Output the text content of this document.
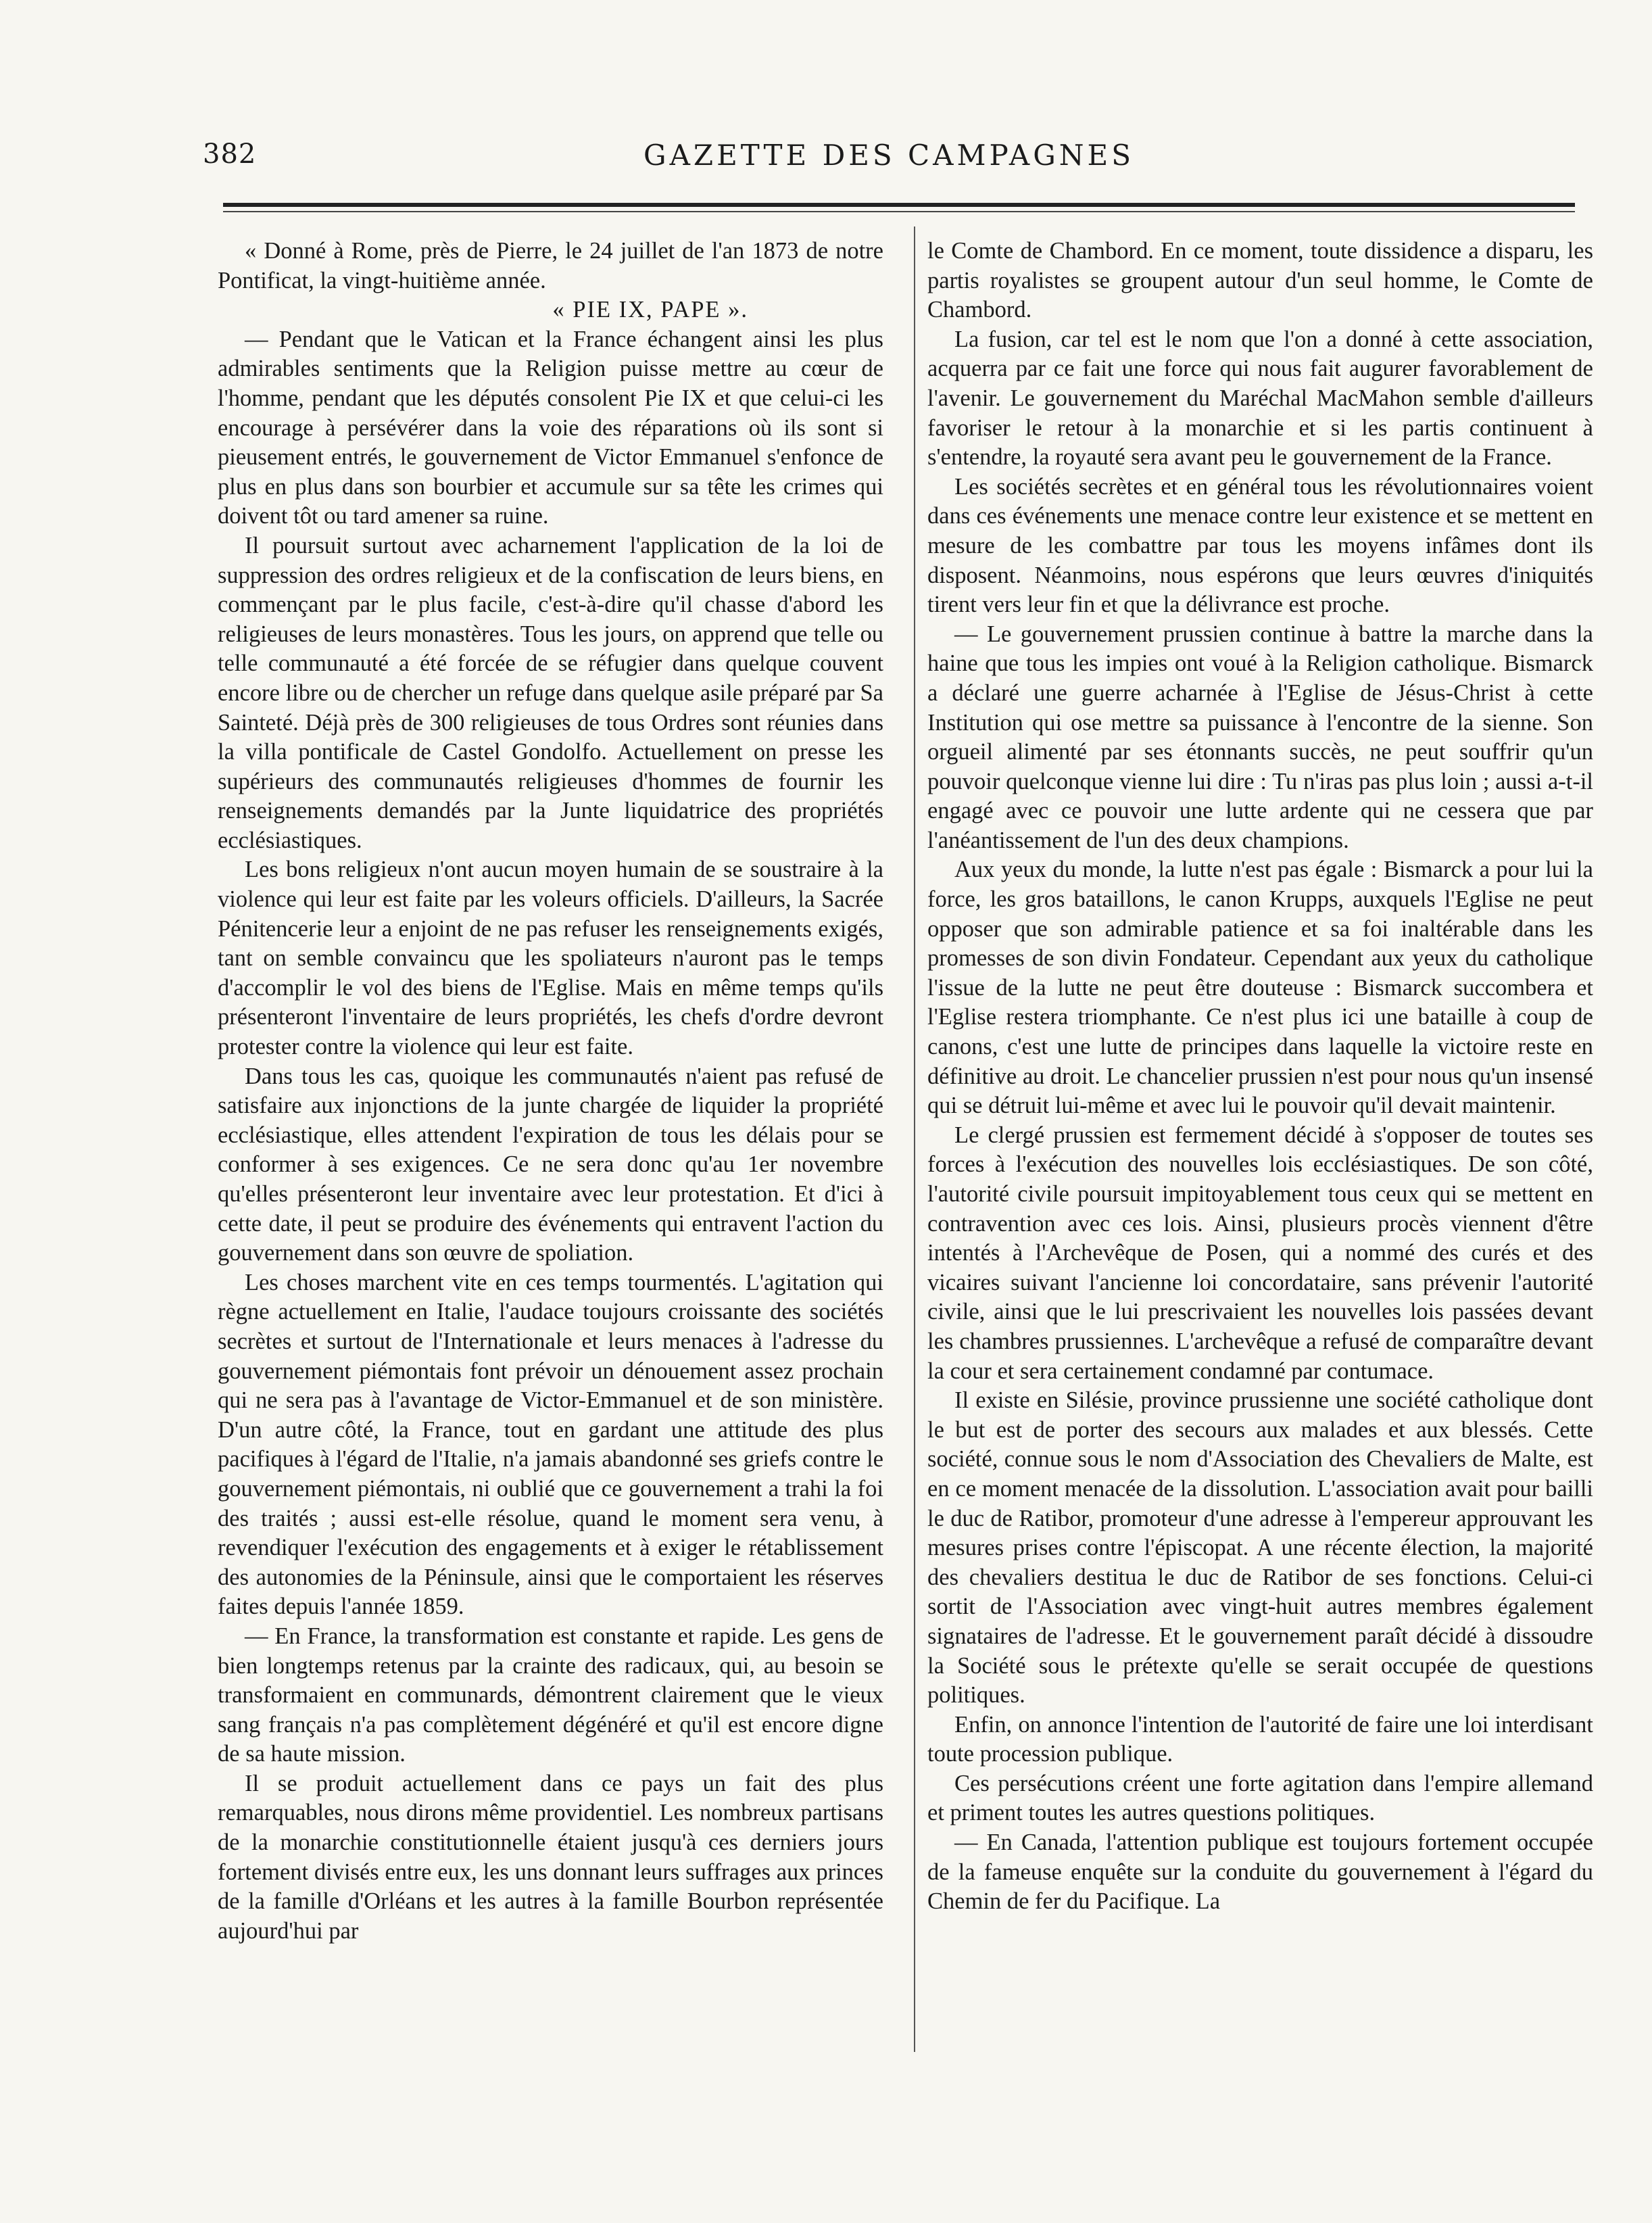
382	GAZETTE DES CAMPAGNES

« Donné à Rome, près de Pierre, le 24 juillet de l'an 1873 de notre Pontificat, la vingt-huitième année.

« PIE IX, PAPE ».

— Pendant que le Vatican et la France échangent ainsi les plus admirables sentiments que la Religion puisse mettre au cœur de l'homme, pendant que les députés consolent Pie IX et que celui-ci les encourage à persévérer dans la voie des réparations où ils sont si pieusement entrés, le gouvernement de Victor Emmanuel s'enfonce de plus en plus dans son bourbier et accumule sur sa tête les crimes qui doivent tôt ou tard amener sa ruine.

Il poursuit surtout avec acharnement l'application de la loi de suppression des ordres religieux et de la confiscation de leurs biens, en commençant par le plus facile, c'est-à-dire qu'il chasse d'abord les religieuses de leurs monastères. Tous les jours, on apprend que telle ou telle communauté a été forcée de se réfugier dans quelque couvent encore libre ou de chercher un refuge dans quelque asile préparé par Sa Sainteté. Déjà près de 300 religieuses de tous Ordres sont réunies dans la villa pontificale de Castel Gondolfo. Actuellement on presse les supérieurs des communautés religieuses d'hommes de fournir les renseignements demandés par la Junte liquidatrice des propriétés ecclésiastiques.

Les bons religieux n'ont aucun moyen humain de se soustraire à la violence qui leur est faite par les voleurs officiels. D'ailleurs, la Sacrée Pénitencerie leur a enjoint de ne pas refuser les renseignements exigés, tant on semble convaincu que les spoliateurs n'auront pas le temps d'accomplir le vol des biens de l'Eglise. Mais en même temps qu'ils présenteront l'inventaire de leurs propriétés, les chefs d'ordre devront protester contre la violence qui leur est faite.

Dans tous les cas, quoique les communautés n'aient pas refusé de satisfaire aux injonctions de la junte chargée de liquider la propriété ecclésiastique, elles attendent l'expiration de tous les délais pour se conformer à ses exigences. Ce ne sera donc qu'au 1er novembre qu'elles présenteront leur inventaire avec leur protestation. Et d'ici à cette date, il peut se produire des événements qui entravent l'action du gouvernement dans son œuvre de spoliation.

Les choses marchent vite en ces temps tourmentés. L'agitation qui règne actuellement en Italie, l'audace toujours croissante des sociétés secrètes et surtout de l'Internationale et leurs menaces à l'adresse du gouvernement piémontais font prévoir un dénouement assez prochain qui ne sera pas à l'avantage de Victor-Emmanuel et de son ministère. D'un autre côté, la France, tout en gardant une attitude des plus pacifiques à l'égard de l'Italie, n'a jamais abandonné ses griefs contre le gouvernement piémontais, ni oublié que ce gouvernement a trahi la foi des traités ; aussi est-elle résolue, quand le moment sera venu, à revendiquer l'exécution des engagements et à exiger le rétablissement des autonomies de la Péninsule, ainsi que le comportaient les réserves faites depuis l'année 1859.

— En France, la transformation est constante et rapide. Les gens de bien longtemps retenus par la crainte des radicaux, qui, au besoin se transformaient en communards, démontrent clairement que le vieux sang français n'a pas complètement dégénéré et qu'il est encore digne de sa haute mission.

Il se produit actuellement dans ce pays un fait des plus remarquables, nous dirons même providentiel. Les nombreux partisans de la monarchie constitutionnelle étaient jusqu'à ces derniers jours fortement divisés entre eux, les uns donnant leurs suffrages aux princes de la famille d'Orléans et les autres à la famille Bourbon représentée aujourd'hui par

le Comte de Chambord. En ce moment, toute dissidence a disparu, les partis royalistes se groupent autour d'un seul homme, le Comte de Chambord.

La fusion, car tel est le nom que l'on a donné à cette association, acquerra par ce fait une force qui nous fait augurer favorablement de l'avenir. Le gouvernement du Maréchal MacMahon semble d'ailleurs favoriser le retour à la monarchie et si les partis continuent à s'entendre, la royauté sera avant peu le gouvernement de la France.

Les sociétés secrètes et en général tous les révolutionnaires voient dans ces événements une menace contre leur existence et se mettent en mesure de les combattre par tous les moyens infâmes dont ils disposent. Néanmoins, nous espérons que leurs œuvres d'iniquités tirent vers leur fin et que la délivrance est proche.

— Le gouvernement prussien continue à battre la marche dans la haine que tous les impies ont voué à la Religion catholique. Bismarck a déclaré une guerre acharnée à l'Eglise de Jésus-Christ à cette Institution qui ose mettre sa puissance à l'encontre de la sienne. Son orgueil alimenté par ses étonnants succès, ne peut souffrir qu'un pouvoir quelconque vienne lui dire : Tu n'iras pas plus loin ; aussi a-t-il engagé avec ce pouvoir une lutte ardente qui ne cessera que par l'anéantissement de l'un des deux champions.

Aux yeux du monde, la lutte n'est pas égale : Bismarck a pour lui la force, les gros bataillons, le canon Krupps, auxquels l'Eglise ne peut opposer que son admirable patience et sa foi inaltérable dans les promesses de son divin Fondateur. Cependant aux yeux du catholique l'issue de la lutte ne peut être douteuse : Bismarck succombera et l'Eglise restera triomphante. Ce n'est plus ici une bataille à coup de canons, c'est une lutte de principes dans laquelle la victoire reste en définitive au droit. Le chancelier prussien n'est pour nous qu'un insensé qui se détruit lui-même et avec lui le pouvoir qu'il devait maintenir.

Le clergé prussien est fermement décidé à s'opposer de toutes ses forces à l'exécution des nouvelles lois ecclésiastiques. De son côté, l'autorité civile poursuit impitoyablement tous ceux qui se mettent en contravention avec ces lois. Ainsi, plusieurs procès viennent d'être intentés à l'Archevêque de Posen, qui a nommé des curés et des vicaires suivant l'ancienne loi concordataire, sans prévenir l'autorité civile, ainsi que le lui prescrivaient les nouvelles lois passées devant les chambres prussiennes. L'archevêque a refusé de comparaître devant la cour et sera certainement condamné par contumace.

Il existe en Silésie, province prussienne une société catholique dont le but est de porter des secours aux malades et aux blessés. Cette société, connue sous le nom d'Association des Chevaliers de Malte, est en ce moment menacée de la dissolution. L'association avait pour bailli le duc de Ratibor, promoteur d'une adresse à l'empereur approuvant les mesures prises contre l'épiscopat. A une récente élection, la majorité des chevaliers destitua le duc de Ratibor de ses fonctions. Celui-ci sortit de l'Association avec vingt-huit autres membres également signataires de l'adresse. Et le gouvernement paraît décidé à dissoudre la Société sous le prétexte qu'elle se serait occupée de questions politiques.

Enfin, on annonce l'intention de l'autorité de faire une loi interdisant toute procession publique.

Ces persécutions créent une forte agitation dans l'empire allemand et priment toutes les autres questions politiques.

— En Canada, l'attention publique est toujours fortement occupée de la fameuse enquête sur la conduite du gouvernement à l'égard du Chemin de fer du Pacifique. La
